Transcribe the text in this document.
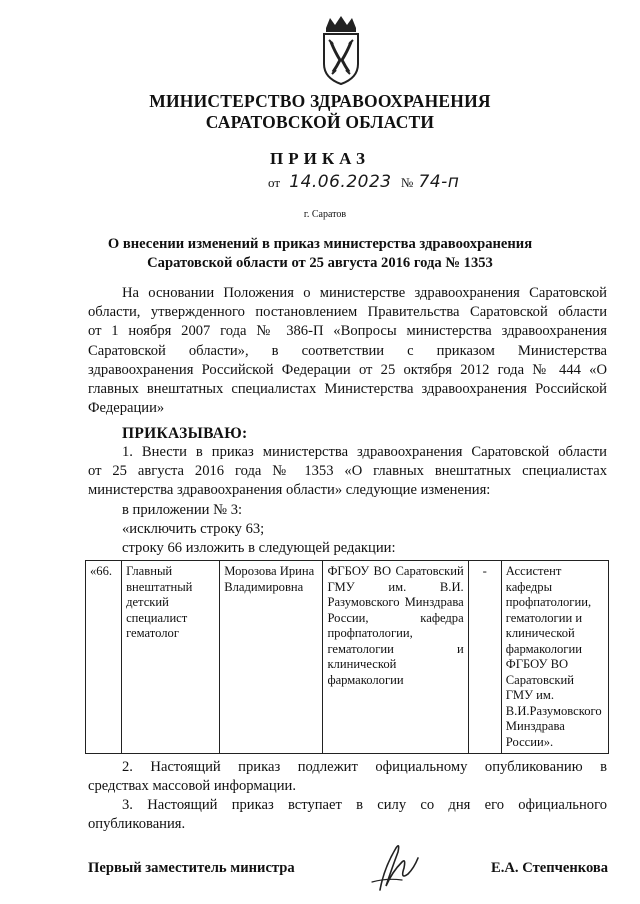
МИНИСТЕРСТВО ЗДРАВООХРАНЕНИЯ
САРАТОВСКОЙ ОБЛАСТИ
ПРИКАЗ
от 14.06.2023 № 74-п
г. Саратов
О внесении изменений в приказ министерства здравоохранения
Саратовской области от 25 августа 2016 года № 1353
На основании Положения о министерстве здравоохранения Саратовской
области, утвержденного постановлением Правительства Саратовской области
от 1 ноября 2007 года № 386-П «Вопросы министерства здравоохранения
Саратовской области», в соответствии с приказом Министерства
здравоохранения Российской Федерации от 25 октября 2012 года № 444 «О
главных внештатных специалистах Министерства здравоохранения Российской
Федерации»
ПРИКАЗЫВАЮ:
1. Внести в приказ министерства здравоохранения Саратовской области
от 25 августа 2016 года № 1353 «О главных внештатных специалистах
министерства здравоохранения области» следующие изменения:
в приложении № 3:
«исключить строку 63;
строку 66 изложить в следующей редакции:
«66.	Главный внештатный детский специалист гематолог	Морозова Ирина Владимировна	ФГБОУ ВО Саратовский ГМУ им. В.И. Разумовского Минздрава России, кафедра профпатологии, гематологии и клинической фармакологии	-	Ассистент кафедры профпатологии, гематологии и клинической фармакологии ФГБОУ ВО Саратовский ГМУ им. В.И.Разумовского Минздрава России».
2. Настоящий приказ подлежит официальному опубликованию в
средствах массовой информации.
3. Настоящий приказ вступает в силу со дня его официального
опубликования.
Первый заместитель министра	Е.А. Степченкова
